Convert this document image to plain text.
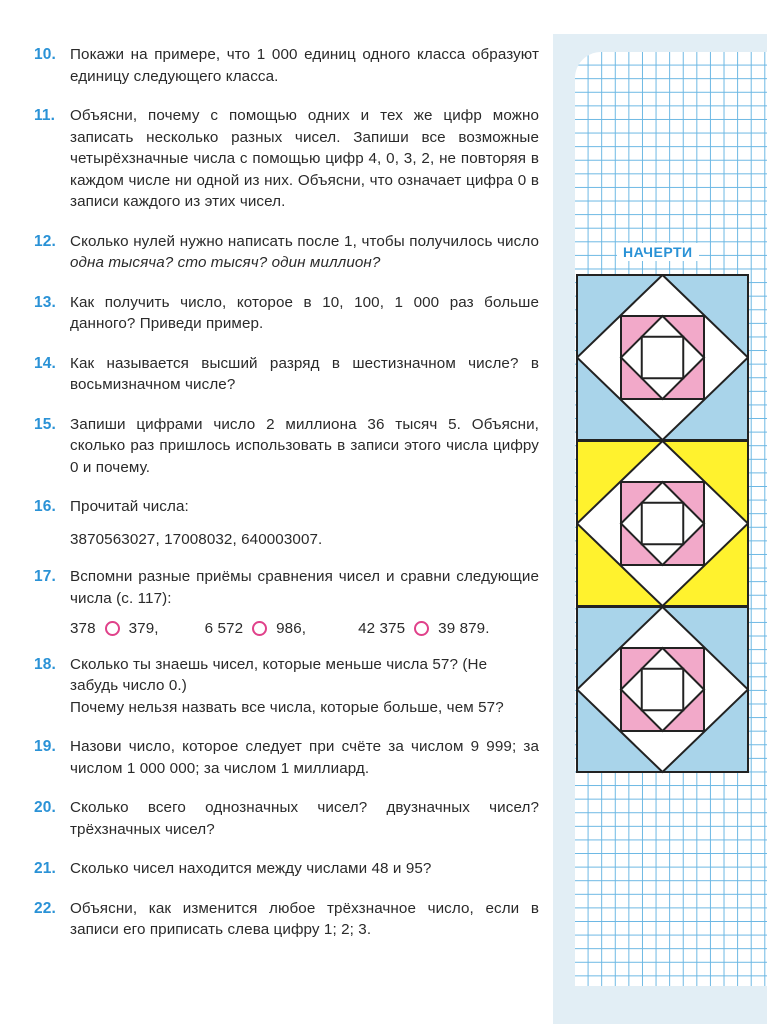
10. Покажи на примере, что 1 000 единиц одного класса образуют единицу следующего класса.

11. Объясни, почему с помощью одних и тех же цифр можно записать несколько разных чисел. Запиши все возможные четырёхзначные числа с помощью цифр 4, 0, 3, 2, не повторяя в каждом числе ни одной из них. Объясни, что означает цифра 0 в записи каждого из этих чисел.

12. Сколько нулей нужно написать после 1, чтобы получилось число одна тысяча? сто тысяч? один миллион?

13. Как получить число, которое в 10, 100, 1 000 раз больше данного? Приведи пример.

14. Как называется высший разряд в шестизначном числе? в восьмизначном числе?

15. Запиши цифрами число 2 миллиона 36 тысяч 5. Объясни, сколько раз пришлось использовать в записи этого числа цифру 0 и почему.

16. Прочитай числа:

3870563027, 17008032, 640003007.

17. Вспомни разные приёмы сравнения чисел и сравни следующие числа (с. 117):

378 379,	6 572 986,	42 375 39 879.
18. Сколько ты знаешь чисел, которые меньше числа 57? (Не забудь число 0.)

Почему нельзя назвать все числа, которые больше, чем 57?

19. Назови число, которое следует при счёте за числом 9 999; за числом 1 000 000; за числом 1 миллиард.

20. Сколько всего однозначных чисел? двузначных чисел? трёхзначных чисел?

21. Сколько чисел находится между числами 48 и 95?

22. Объясни, как изменится любое трёхзначное число, если в записи его приписать слева цифру 1; 2; 3.

НАЧЕРТИ
